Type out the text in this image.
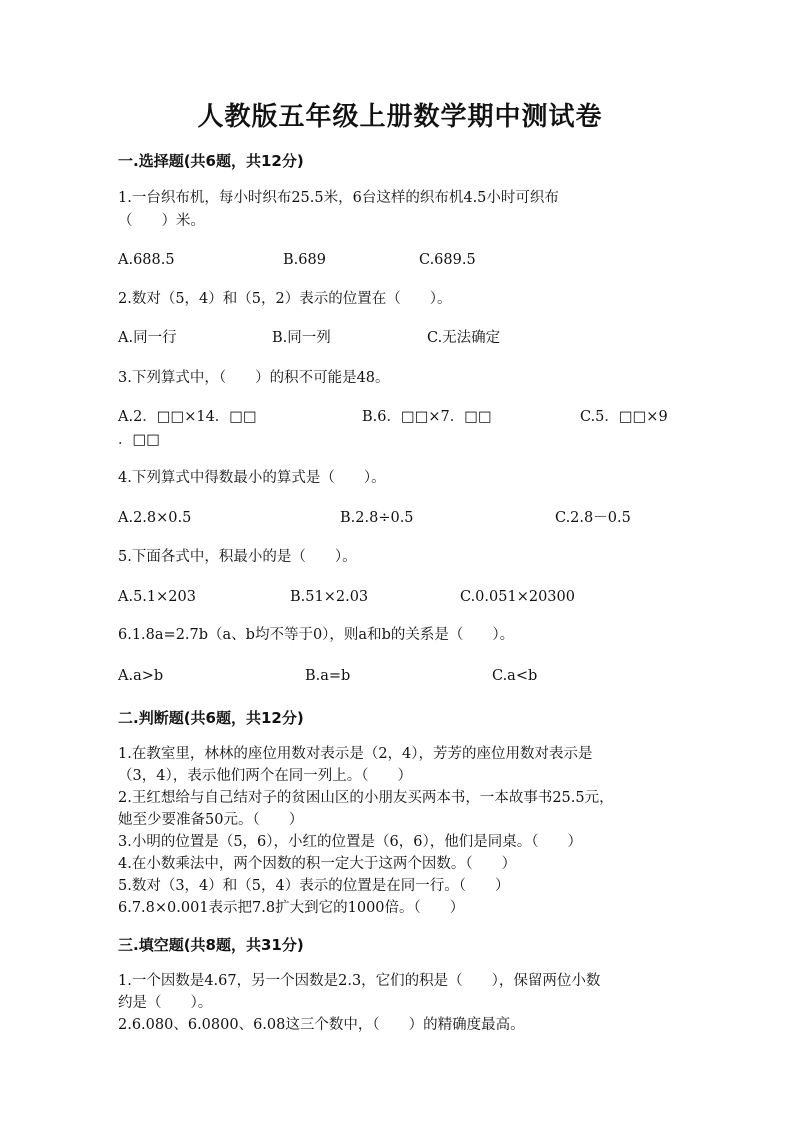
人教版五年级上册数学期中测试卷
一.选择题(共6题，共12分)
1.一台织布机，每小时织布25.5米，6台这样的织布机4.5小时可织布
（　　）米。
A.688.5	B.689	C.689.5
2.数对（5，4）和（5，2）表示的位置在（　　）。
A.同一行	B.同一列	C.无法确定
3.下列算式中，（　　）的积不可能是48。
A.2．□□×14．□□	B.6．□□×7．□□	C.5．□□×9
．□□
4.下列算式中得数最小的算式是（　　）。
A.2.8×0.5	B.2.8÷0.5	C.2.8－0.5
5.下面各式中，积最小的是（　　）。
A.5.1×203	B.51×2.03	C.0.051×20300
6.1.8a=2.7b（a、b均不等于0），则a和b的关系是（　　）。
A.a>b	B.a=b	C.a<b
二.判断题(共6题，共12分)
1.在教室里，林林的座位用数对表示是（2，4），芳芳的座位用数对表示是
（3，4），表示他们两个在同一列上。（　　）
2.王红想给与自己结对子的贫困山区的小朋友买两本书，一本故事书25.5元，
她至少要准备50元。（　　）
3.小明的位置是（5，6），小红的位置是（6，6），他们是同桌。（　　）
4.在小数乘法中，两个因数的积一定大于这两个因数。（　　）
5.数对（3，4）和（5，4）表示的位置是在同一行。（　　）
6.7.8×0.001表示把7.8扩大到它的1000倍。（　　）
三.填空题(共8题，共31分)
1.一个因数是4.67，另一个因数是2.3，它们的积是（　　），保留两位小数
约是（　　）。
2.6.080、6.0800、6.08这三个数中，（　　）的精确度最高。
